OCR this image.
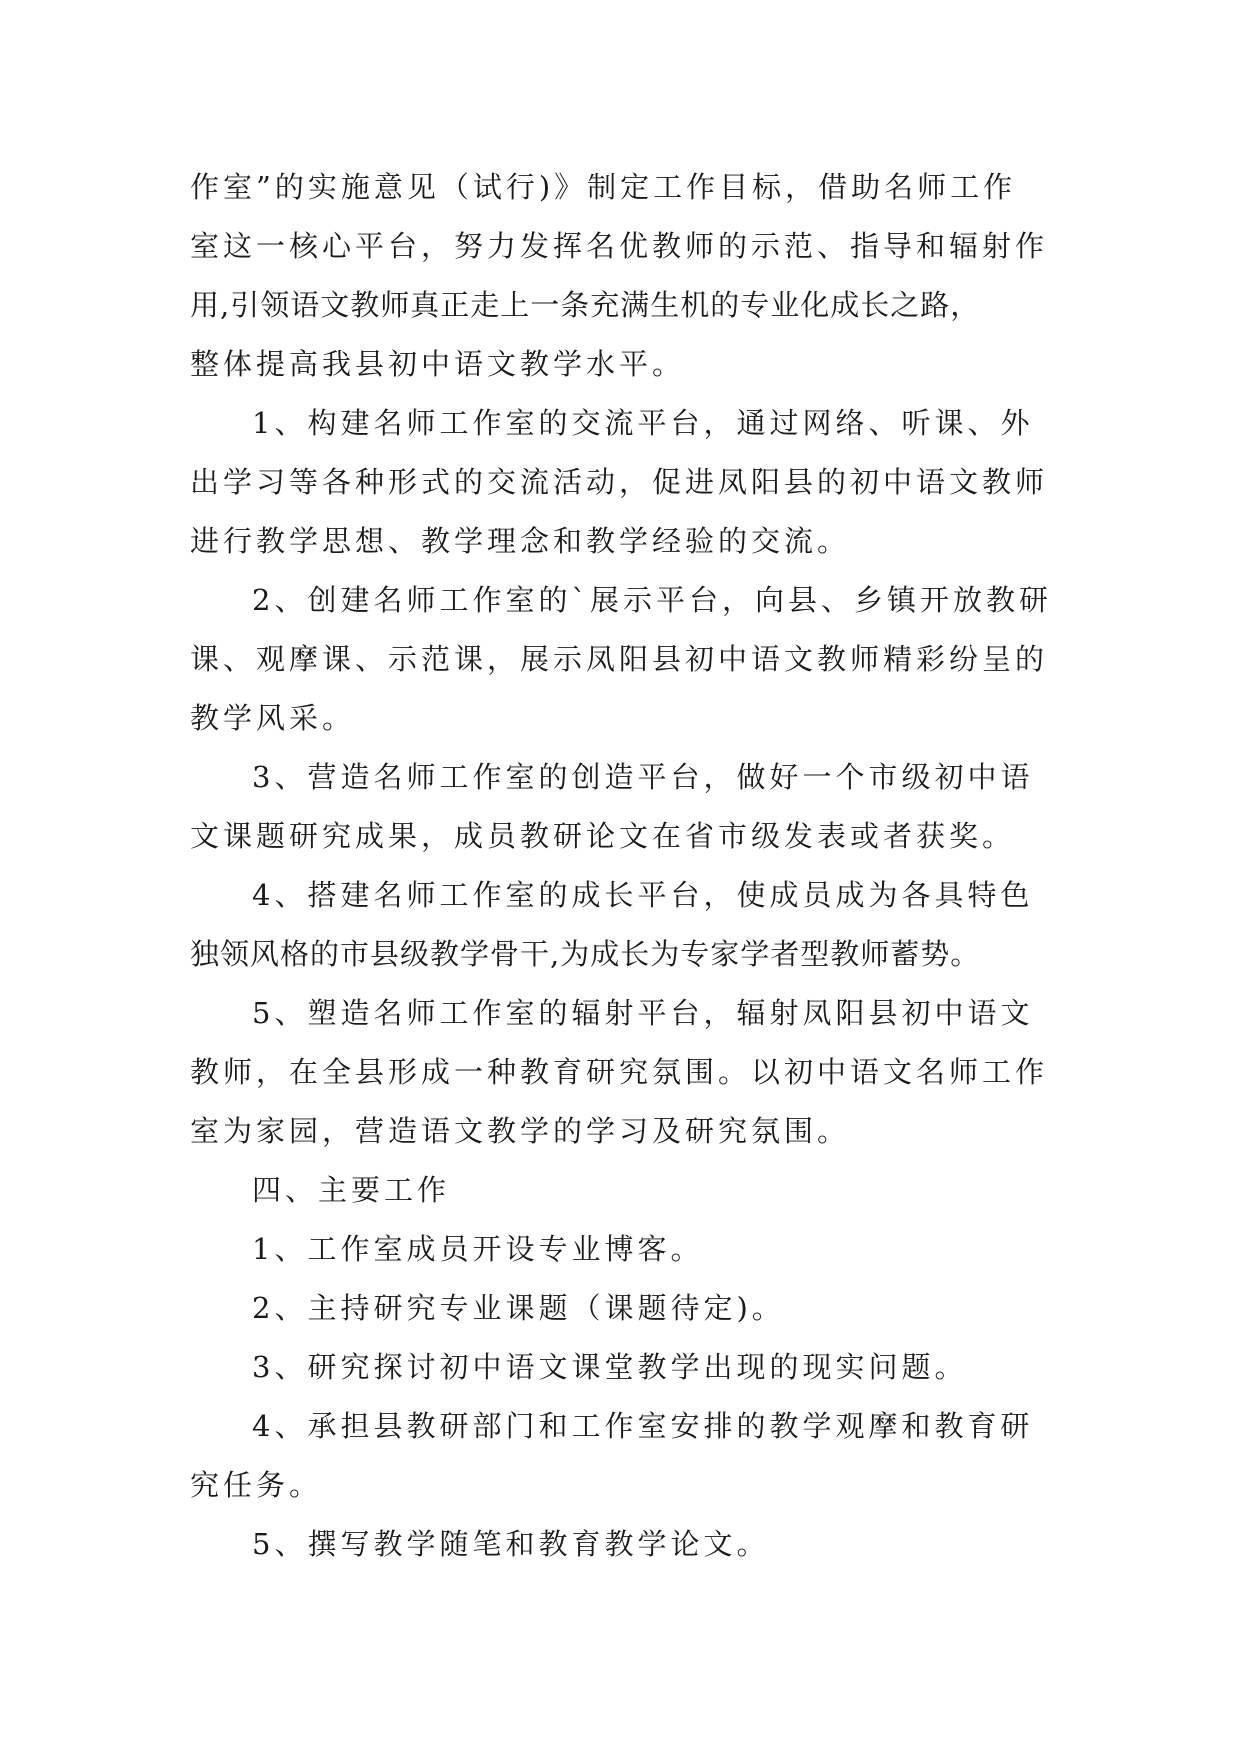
作室”的实施意见（试行)》制定工作目标，借助名师工作
室这一核心平台，努力发挥名优教师的示范、指导和辐射作
用,引领语文教师真正走上一条充满生机的专业化成长之路，
整体提高我县初中语文教学水平。
1、构建名师工作室的交流平台，通过网络、听课、外
出学习等各种形式的交流活动，促进凤阳县的初中语文教师
进行教学思想、教学理念和教学经验的交流。
2、创建名师工作室的`展示平台，向县、乡镇开放教研
课、观摩课、示范课，展示凤阳县初中语文教师精彩纷呈的
教学风采。
3、营造名师工作室的创造平台，做好一个市级初中语
文课题研究成果，成员教研论文在省市级发表或者获奖。
4、搭建名师工作室的成长平台，使成员成为各具特色
独领风格的市县级教学骨干,为成长为专家学者型教师蓄势。
5、塑造名师工作室的辐射平台，辐射凤阳县初中语文
教师，在全县形成一种教育研究氛围。以初中语文名师工作
室为家园，营造语文教学的学习及研究氛围。
四、主要工作
1、工作室成员开设专业博客。
2、主持研究专业课题（课题待定)。
3、研究探讨初中语文课堂教学出现的现实问题。
4、承担县教研部门和工作室安排的教学观摩和教育研
究任务。
5、撰写教学随笔和教育教学论文。
